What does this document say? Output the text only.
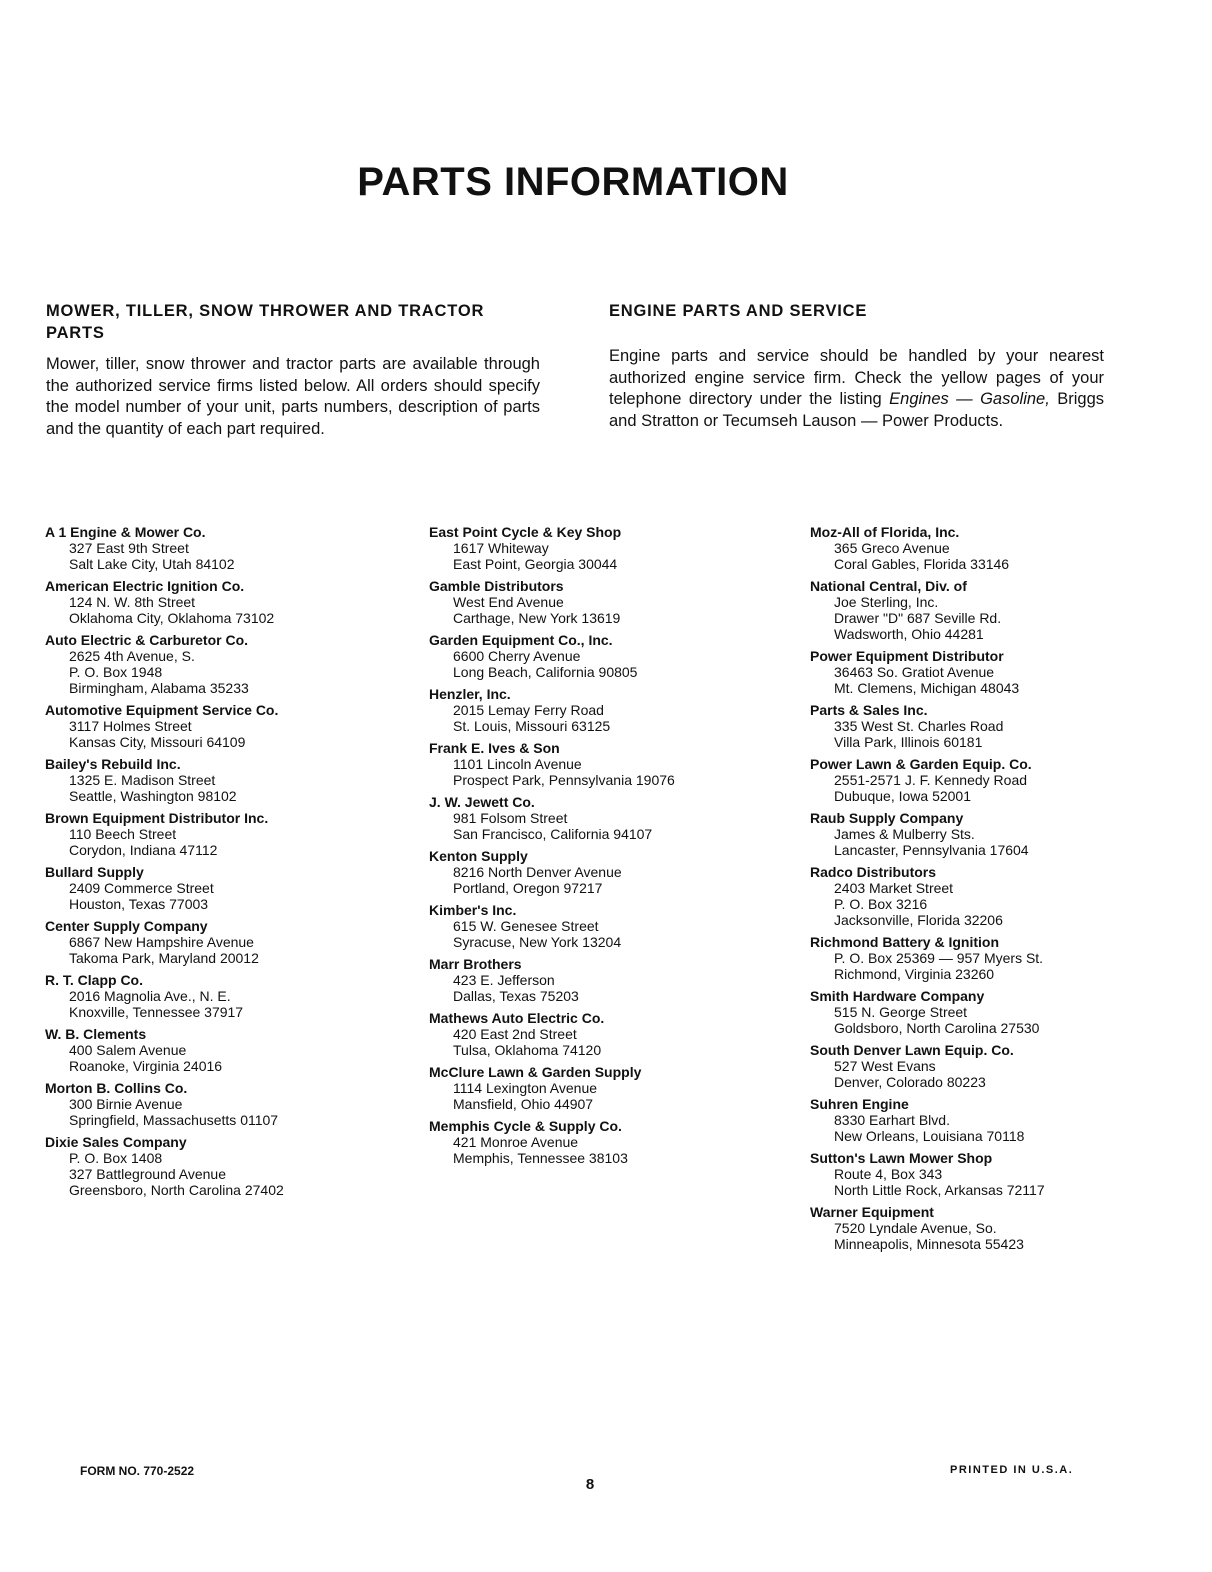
PARTS INFORMATION
MOWER, TILLER, SNOW THROWER AND TRACTOR PARTS

Mower, tiller, snow thrower and tractor parts are available through the authorized service firms listed below. All orders should specify the model number of your unit, parts numbers, description of parts and the quantity of each part required.

ENGINE PARTS AND SERVICE

Engine parts and service should be handled by your nearest authorized engine service firm. Check the yellow pages of your telephone directory under the listing Engines — Gasoline, Briggs and Stratton or Tecumseh Lauson — Power Products.

A 1 Engine & Mower Co.
327 East 9th Street
Salt Lake City, Utah 84102
American Electric Ignition Co.
124 N. W. 8th Street
Oklahoma City, Oklahoma 73102
Auto Electric & Carburetor Co.
2625 4th Avenue, S.
P. O. Box 1948
Birmingham, Alabama 35233
Automotive Equipment Service Co.
3117 Holmes Street
Kansas City, Missouri 64109
Bailey's Rebuild Inc.
1325 E. Madison Street
Seattle, Washington 98102
Brown Equipment Distributor Inc.
110 Beech Street
Corydon, Indiana 47112
Bullard Supply
2409 Commerce Street
Houston, Texas 77003
Center Supply Company
6867 New Hampshire Avenue
Takoma Park, Maryland 20012
R. T. Clapp Co.
2016 Magnolia Ave., N. E.
Knoxville, Tennessee 37917
W. B. Clements
400 Salem Avenue
Roanoke, Virginia 24016
Morton B. Collins Co.
300 Birnie Avenue
Springfield, Massachusetts 01107
Dixie Sales Company
P. O. Box 1408
327 Battleground Avenue
Greensboro, North Carolina 27402
East Point Cycle & Key Shop
1617 Whiteway
East Point, Georgia 30044
Gamble Distributors
West End Avenue
Carthage, New York 13619
Garden Equipment Co., Inc.
6600 Cherry Avenue
Long Beach, California 90805
Henzler, Inc.
2015 Lemay Ferry Road
St. Louis, Missouri 63125
Frank E. Ives & Son
1101 Lincoln Avenue
Prospect Park, Pennsylvania 19076
J. W. Jewett Co.
981 Folsom Street
San Francisco, California 94107
Kenton Supply
8216 North Denver Avenue
Portland, Oregon 97217
Kimber's Inc.
615 W. Genesee Street
Syracuse, New York 13204
Marr Brothers
423 E. Jefferson
Dallas, Texas 75203
Mathews Auto Electric Co.
420 East 2nd Street
Tulsa, Oklahoma 74120
McClure Lawn & Garden Supply
1114 Lexington Avenue
Mansfield, Ohio 44907
Memphis Cycle & Supply Co.
421 Monroe Avenue
Memphis, Tennessee 38103
Moz-All of Florida, Inc.
365 Greco Avenue
Coral Gables, Florida 33146
National Central, Div. of
Joe Sterling, Inc.
Drawer "D" 687 Seville Rd.
Wadsworth, Ohio 44281
Power Equipment Distributor
36463 So. Gratiot Avenue
Mt. Clemens, Michigan 48043
Parts & Sales Inc.
335 West St. Charles Road
Villa Park, Illinois 60181
Power Lawn & Garden Equip. Co.
2551-2571 J. F. Kennedy Road
Dubuque, Iowa 52001
Raub Supply Company
James & Mulberry Sts.
Lancaster, Pennsylvania 17604
Radco Distributors
2403 Market Street
P. O. Box 3216
Jacksonville, Florida 32206
Richmond Battery & Ignition
P. O. Box 25369 — 957 Myers St.
Richmond, Virginia 23260
Smith Hardware Company
515 N. George Street
Goldsboro, North Carolina 27530
South Denver Lawn Equip. Co.
527 West Evans
Denver, Colorado 80223
Suhren Engine
8330 Earhart Blvd.
New Orleans, Louisiana 70118
Sutton's Lawn Mower Shop
Route 4, Box 343
North Little Rock, Arkansas 72117
Warner Equipment
7520 Lyndale Avenue, So.
Minneapolis, Minnesota 55423
FORM NO. 770-2522
8
PRINTED IN U.S.A.
